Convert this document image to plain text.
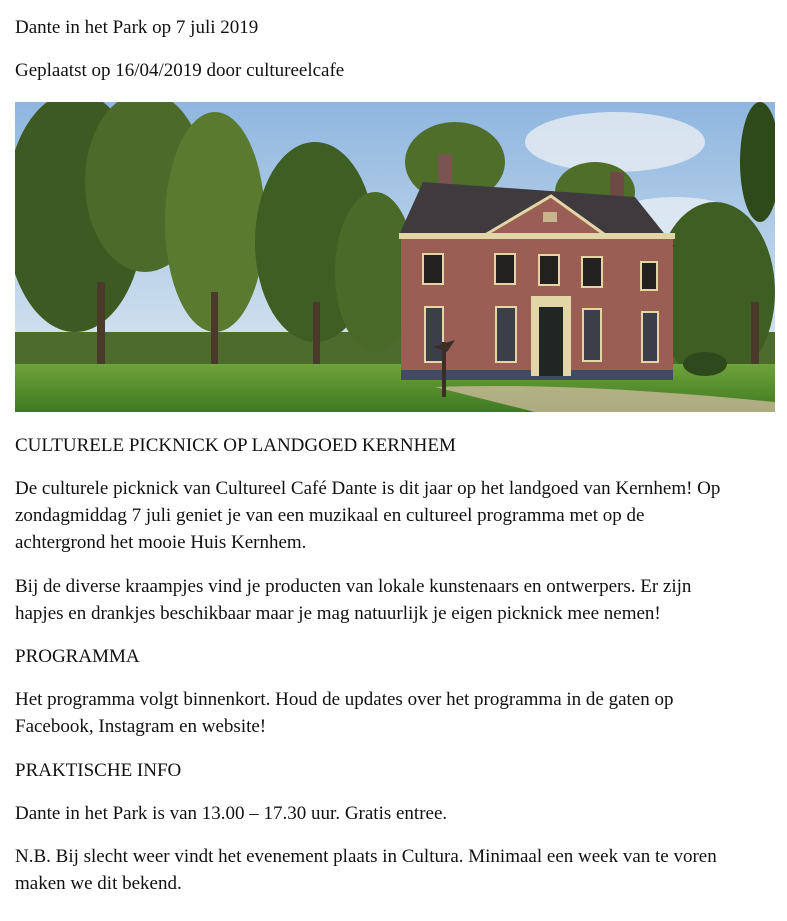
Dante in het Park op 7 juli 2019

Geplaatst op 16/04/2019 door cultureelcafe

CULTURELE PICKNICK OP LANDGOED KERNHEM

De culturele picknick van Cultureel Café Dante is dit jaar op het landgoed van Kernhem! Op

zondagmiddag 7 juli geniet je van een muzikaal en cultureel programma met op de

achtergrond het mooie Huis Kernhem.

Bij de diverse kraampjes vind je producten van lokale kunstenaars en ontwerpers. Er zijn

hapjes en drankjes beschikbaar maar je mag natuurlijk je eigen picknick mee nemen!

PROGRAMMA

Het programma volgt binnenkort. Houd de updates over het programma in de gaten op

Facebook, Instagram en website!

PRAKTISCHE INFO

Dante in het Park is van 13.00 – 17.30 uur. Gratis entree.

N.B. Bij slecht weer vindt het evenement plaats in Cultura. Minimaal een week van te voren

maken we dit bekend.
